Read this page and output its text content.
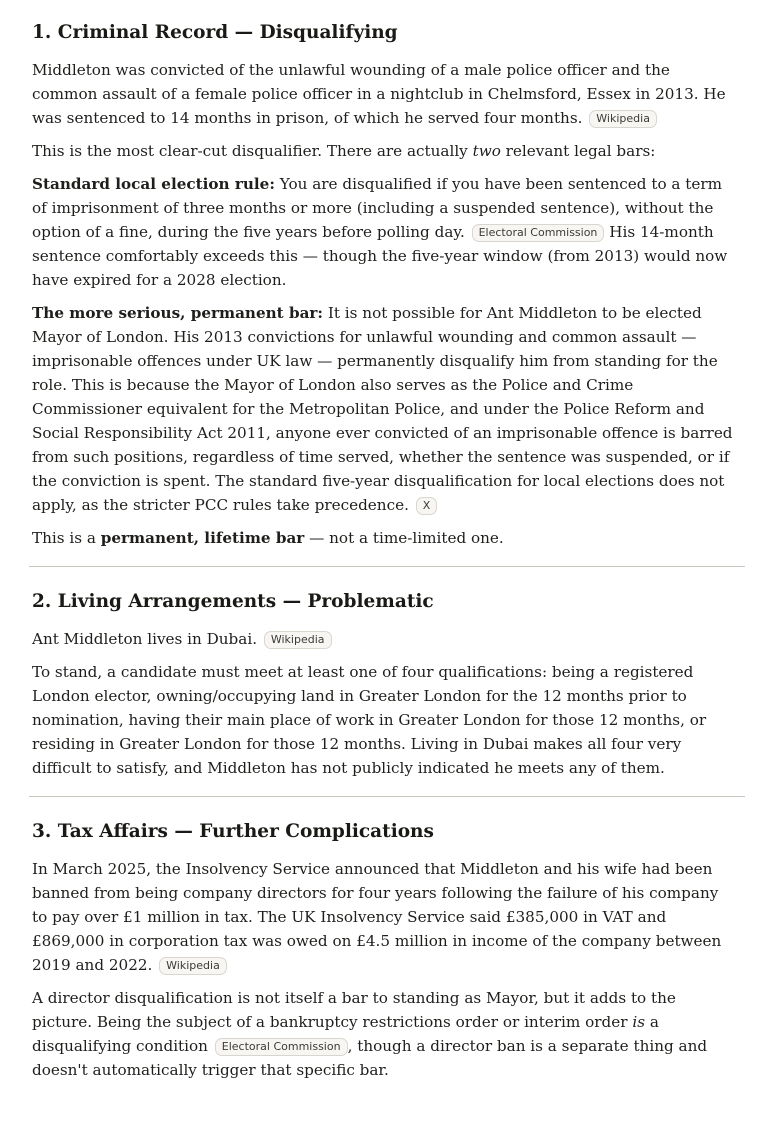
1. Criminal Record — Disqualifying

Middleton was convicted of the unlawful wounding of a male police officer and the common assault of a female police officer in a nightclub in Chelmsford, Essex in 2013. He was sentenced to 14 months in prison, of which he served four months. Wikipedia

This is the most clear-cut disqualifier. There are actually two relevant legal bars:

Standard local election rule: You are disqualified if you have been sentenced to a term of imprisonment of three months or more (including a suspended sentence), without the option of a fine, during the five years before polling day. Electoral Commission His 14-month sentence comfortably exceeds this — though the five-year window (from 2013) would now have expired for a 2028 election.

The more serious, permanent bar: It is not possible for Ant Middleton to be elected Mayor of London. His 2013 convictions for unlawful wounding and common assault — imprisonable offences under UK law — permanently disqualify him from standing for the role. This is because the Mayor of London also serves as the Police and Crime Commissioner equivalent for the Metropolitan Police, and under the Police Reform and Social Responsibility Act 2011, anyone ever convicted of an imprisonable offence is barred from such positions, regardless of time served, whether the sentence was suspended, or if the conviction is spent. The standard five-year disqualification for local elections does not apply, as the stricter PCC rules take precedence. X

This is a permanent, lifetime bar — not a time-limited one.

2. Living Arrangements — Problematic

Ant Middleton lives in Dubai. Wikipedia

To stand, a candidate must meet at least one of four qualifications: being a registered London elector, owning/occupying land in Greater London for the 12 months prior to nomination, having their main place of work in Greater London for those 12 months, or residing in Greater London for those 12 months. Living in Dubai makes all four very difficult to satisfy, and Middleton has not publicly indicated he meets any of them.

3. Tax Affairs — Further Complications

In March 2025, the Insolvency Service announced that Middleton and his wife had been banned from being company directors for four years following the failure of his company to pay over £1 million in tax. The UK Insolvency Service said £385,000 in VAT and £869,000 in corporation tax was owed on £4.5 million in income of the company between 2019 and 2022. Wikipedia

A director disqualification is not itself a bar to standing as Mayor, but it adds to the picture. Being the subject of a bankruptcy restrictions order or interim order is a disqualifying condition Electoral Commission , though a director ban is a separate thing and doesn't automatically trigger that specific bar.
